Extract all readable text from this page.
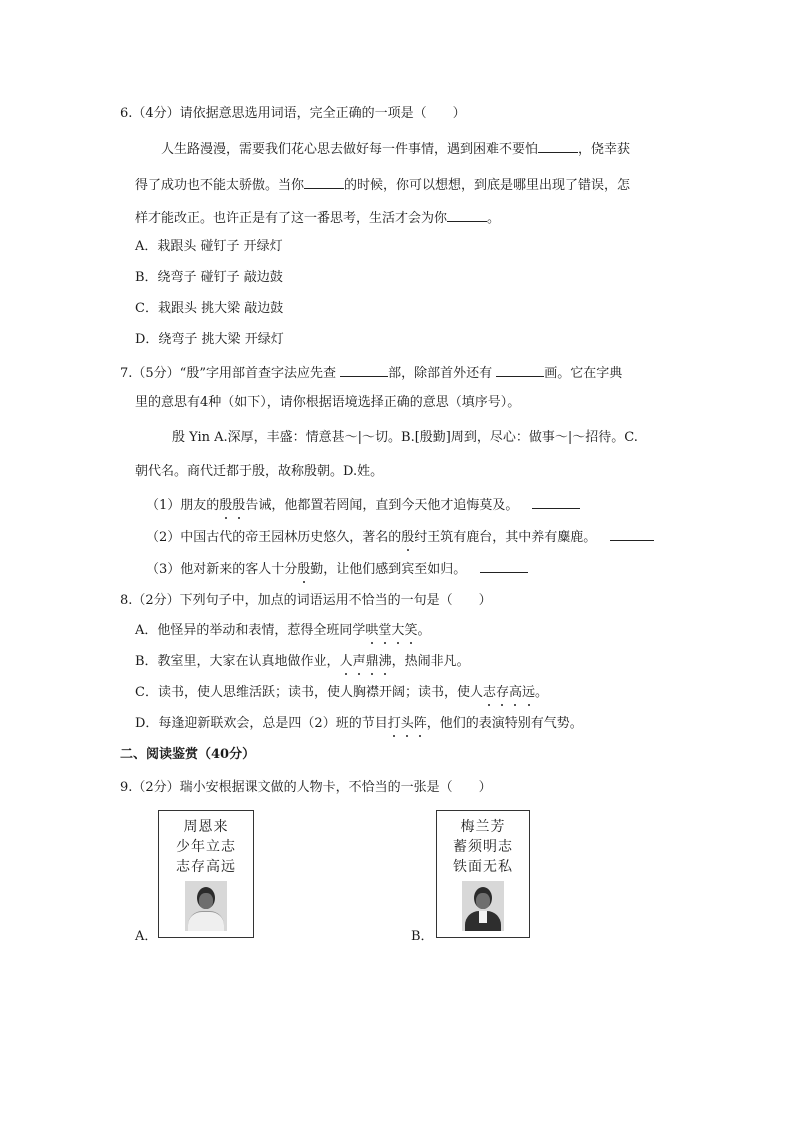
6.（4分）请依据意思选用词语，完全正确的一项是（　　）
人生路漫漫，需要我们花心思去做好每一件事情，遇到困难不要怕	，侥幸获
得了成功也不能太骄傲。当你	的时候，你可以想想，到底是哪里出现了错误，怎
样才能改正。也许正是有了这一番思考，生活才会为你	。
A．栽跟头 碰钉子 开绿灯
B．绕弯子 碰钉子 敲边鼓
C．栽跟头 挑大梁 敲边鼓
D．绕弯子 挑大梁 开绿灯
7.（5分）“殷”字用部首查字法应先查	部，除部首外还有	画。它在字典
里的意思有4种（如下），请你根据语境选择正确的意思（填序号）。
殷 Yin A.深厚，丰盛：情意甚～|～切。B.[殷勤]周到，尽心：做事～|～招待。C.
朝代名。商代迁都于殷，故称殷朝。D.姓。
（1）朋友的殷殷告诫，他都置若罔闻，直到今天他才追悔莫及。
（2）中国古代的帝王园林历史悠久，著名的殷纣王筑有鹿台，其中养有麋鹿。
（3）他对新来的客人十分殷勤，让他们感到宾至如归。
8.（2分）下列句子中，加点的词语运用不恰当的一句是（　　）
A．他怪异的举动和表情，惹得全班同学哄堂大笑。
B．教室里，大家在认真地做作业，人声鼎沸，热闹非凡。
C．读书，使人思维活跃；读书，使人胸襟开阔；读书，使人志存高远。
D．每逢迎新联欢会，总是四（2）班的节目打头阵，他们的表演特别有气势。
二、阅读鉴赏（40分）
9.（2分）瑞小安根据课文做的人物卡，不恰当的一张是（　　）
A．
周恩来
少年立志
志存高远
B．
梅兰芳
蓄须明志
铁面无私
